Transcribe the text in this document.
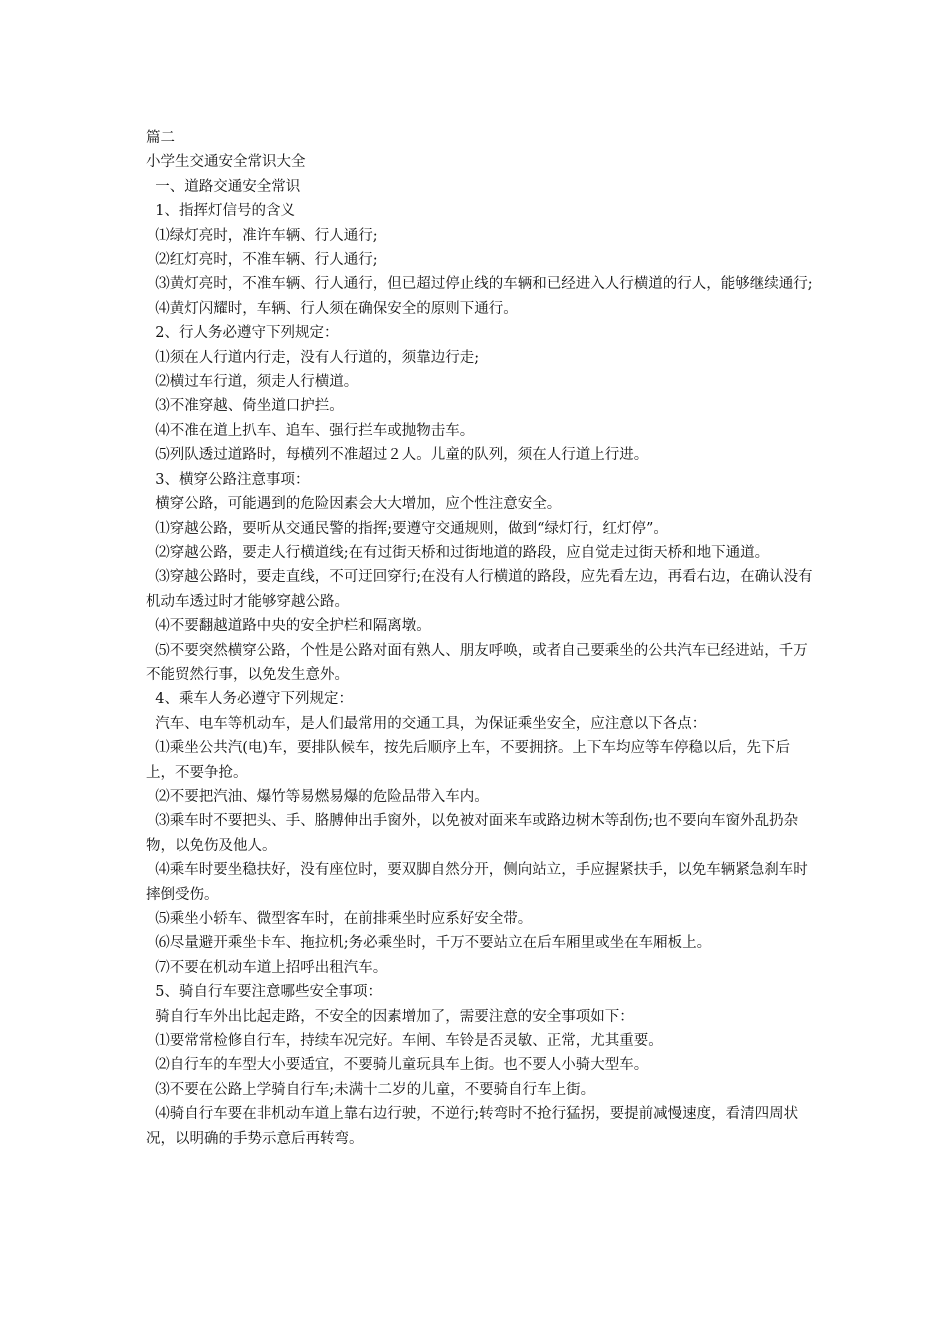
篇二

小学生交通安全常识大全

一、道路交通安全常识

1、指挥灯信号的含义

⑴绿灯亮时，准许车辆、行人通行;

⑵红灯亮时，不准车辆、行人通行;

⑶黄灯亮时，不准车辆、行人通行，但已超过停止线的车辆和已经进入人行横道的行人，能够继续通行;

⑷黄灯闪耀时，车辆、行人须在确保安全的原则下通行。

2、行人务必遵守下列规定：

⑴须在人行道内行走，没有人行道的，须靠边行走;

⑵横过车行道，须走人行横道。

⑶不准穿越、倚坐道口护拦。

⑷不准在道上扒车、追车、强行拦车或抛物击车。

⑸列队透过道路时，每横列不准超过２人。儿童的队列，须在人行道上行进。

3、横穿公路注意事项：

横穿公路，可能遇到的危险因素会大大增加，应个性注意安全。

⑴穿越公路，要听从交通民警的指挥;要遵守交通规则，做到“绿灯行，红灯停”。

⑵穿越公路，要走人行横道线;在有过街天桥和过街地道的路段，应自觉走过街天桥和地下通道。

⑶穿越公路时，要走直线，不可迂回穿行;在没有人行横道的路段，应先看左边，再看右边，在确认没有机动车透过时才能够穿越公路。

⑷不要翻越道路中央的安全护栏和隔离墩。

⑸不要突然横穿公路，个性是公路对面有熟人、朋友呼唤，或者自己要乘坐的公共汽车已经进站，千万不能贸然行事，以免发生意外。

4、乘车人务必遵守下列规定：

汽车、电车等机动车，是人们最常用的交通工具，为保证乘坐安全，应注意以下各点：

⑴乘坐公共汽(电)车，要排队候车，按先后顺序上车，不要拥挤。上下车均应等车停稳以后，先下后上，不要争抢。

⑵不要把汽油、爆竹等易燃易爆的危险品带入车内。

⑶乘车时不要把头、手、胳膊伸出手窗外，以免被对面来车或路边树木等刮伤;也不要向车窗外乱扔杂物，以免伤及他人。

⑷乘车时要坐稳扶好，没有座位时，要双脚自然分开，侧向站立，手应握紧扶手，以免车辆紧急刹车时摔倒受伤。

⑸乘坐小轿车、微型客车时，在前排乘坐时应系好安全带。

⑹尽量避开乘坐卡车、拖拉机;务必乘坐时，千万不要站立在后车厢里或坐在车厢板上。

⑺不要在机动车道上招呼出租汽车。

5、骑自行车要注意哪些安全事项：

骑自行车外出比起走路，不安全的因素增加了，需要注意的安全事项如下：

⑴要常常检修自行车，持续车况完好。车闸、车铃是否灵敏、正常，尤其重要。

⑵自行车的车型大小要适宜，不要骑儿童玩具车上街。也不要人小骑大型车。

⑶不要在公路上学骑自行车;未满十二岁的儿童，不要骑自行车上街。

⑷骑自行车要在非机动车道上靠右边行驶，不逆行;转弯时不抢行猛拐，要提前减慢速度，看清四周状况，以明确的手势示意后再转弯。
